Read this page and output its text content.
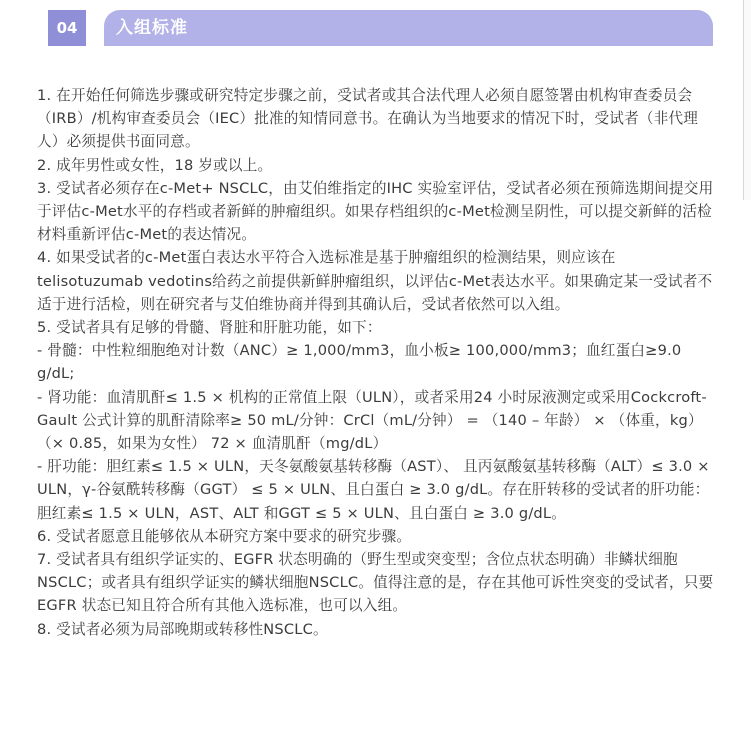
04	入组标准

1. 在开始任何筛选步骤或研究特定步骤之前，受试者或其合法代理人必须自愿签署由机构审查委员会（IRB）/机构审查委员会（IEC）批准的知情同意书。在确认为当地要求的情况下时，受试者（非代理人）必须提供书面同意。

2. 成年男性或女性，18 岁或以上。

3. 受试者必须存在c-Met+ NSCLC，由艾伯维指定的IHC 实验室评估，受试者必须在预筛选期间提交用于评估c-Met水平的存档或者新鲜的肿瘤组织。如果存档组织的c-Met检测呈阴性，可以提交新鲜的活检材料重新评估c-Met的表达情况。

4. 如果受试者的c-Met蛋白表达水平符合入选标准是基于肿瘤组织的检测结果，则应该在telisotuzumab vedotins给药之前提供新鲜肿瘤组织，以评估c-Met表达水平。如果确定某一受试者不适于进行活检，则在研究者与艾伯维协商并得到其确认后，受试者依然可以入组。

5. 受试者具有足够的骨髓、肾脏和肝脏功能，如下：

- 骨髓：中性粒细胞绝对计数（ANC）≥ 1,000/mm3，血小板≥ 100,000/mm3；血红蛋白≥9.0 g/dL;

- 肾功能：血清肌酐≤ 1.5 × 机构的正常值上限（ULN），或者采用24 小时尿液测定或采用Cockcroft-Gault 公式计算的肌酐清除率≥ 50 mL/分钟：CrCl（mL/分钟） = （140 – 年龄） × （体重，kg） （× 0.85，如果为女性） 72 × 血清肌酐（mg/dL）

- 肝功能：胆红素≤ 1.5 × ULN，天冬氨酸氨基转移酶（AST）、 且丙氨酸氨基转移酶（ALT）≤ 3.0 × ULN，γ-谷氨酰转移酶（GGT） ≤ 5 × ULN、且白蛋白 ≥ 3.0 g/dL。存在肝转移的受试者的肝功能：胆红素≤ 1.5 × ULN，AST、ALT 和GGT ≤ 5 × ULN、且白蛋白 ≥ 3.0 g/dL。

6. 受试者愿意且能够依从本研究方案中要求的研究步骤。

7. 受试者具有组织学证实的、EGFR 状态明确的（野生型或突变型；含位点状态明确）非鳞状细胞NSCLC；或者具有组织学证实的鳞状细胞NSCLC。值得注意的是，存在其他可诉性突变的受试者，只要EGFR 状态已知且符合所有其他入选标准，也可以入组。

8. 受试者必须为局部晚期或转移性NSCLC。
